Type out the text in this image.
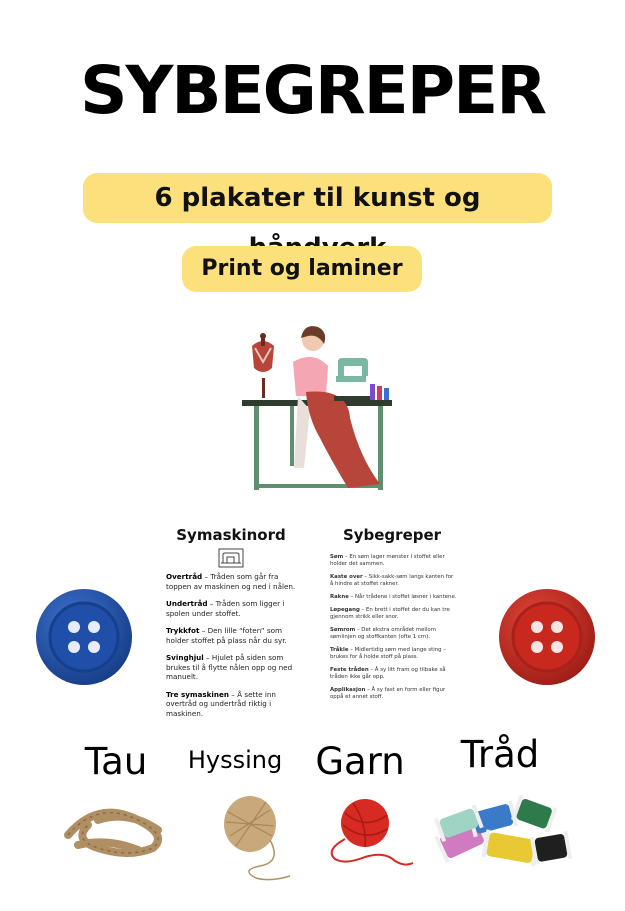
SYBEGREPER
6 plakater til kunst og
Print og laminer
Symaskinord

Overtråd – Tråden som går fra toppen av maskinen og ned i nålen.

Undertråd – Tråden som ligger i spolen under stoffet.

Trykkfot – Den lille “foten” som holder stoffet på plass når du syr.

Svinghjul – Hjulet på siden som brukes til å flytte nålen opp og ned manuelt.

Tre symaskinen – Å sette inn overtråd og undertråd riktig i maskinen.

Sybegreper

Søm – En søm lager mønster i stoffet eller holder det sammen.

Kaste over – Sikk-sakk-søm langs kanten for å hindre at stoffet rakner.

Rakne – Når trådene i stoffet løsner i kantene.

Løpegang – En brett i stoffet der du kan tre gjennom strikk eller snor.

Sømrom – Det ekstra området mellom sømlinjen og stoffkanten (ofte 1 cm).

Tråkle – Midlertidig søm med lange sting – brukes for å holde stoff på plass.

Feste tråden – Å sy litt fram og tilbake så tråden ikke går opp.

Applikasjon – Å sy fast en form eller figur oppå et annet stoff.

Tau	Hyssing Garn	Tråd
